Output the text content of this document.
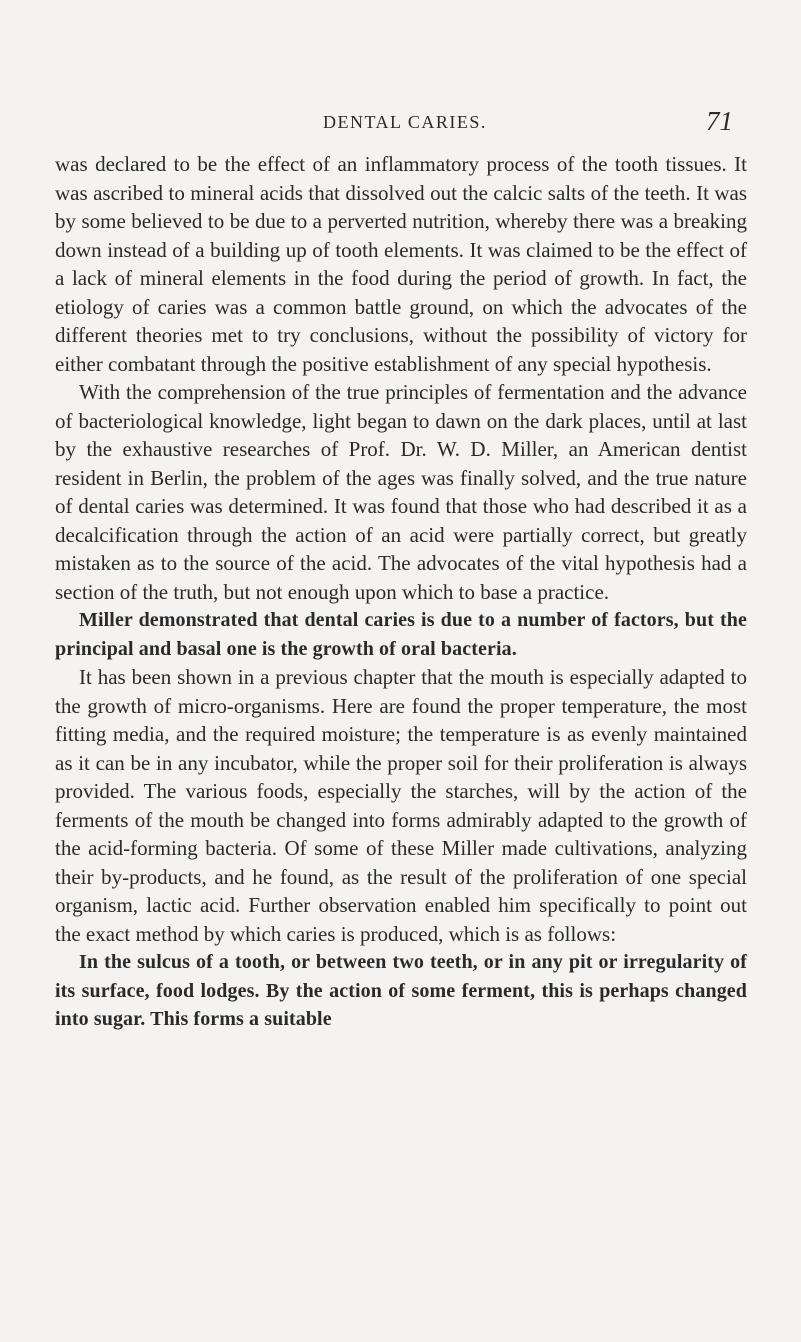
DENTAL CARIES.	71

was declared to be the effect of an inflammatory process of the tooth tissues. It was ascribed to mineral acids that dissolved out the calcic salts of the teeth. It was by some believed to be due to a perverted nutrition, whereby there was a breaking down instead of a building up of tooth elements. It was claimed to be the effect of a lack of mineral elements in the food during the period of growth. In fact, the etiology of caries was a common battle ground, on which the advocates of the different theories met to try conclusions, without the possibility of victory for either combatant through the positive establishment of any special hypothesis.

With the comprehension of the true principles of fermentation and the advance of bacteriological knowledge, light began to dawn on the dark places, until at last by the exhaustive researches of Prof. Dr. W. D. Miller, an American dentist resident in Berlin, the problem of the ages was finally solved, and the true nature of dental caries was determined. It was found that those who had described it as a decalcification through the action of an acid were partially correct, but greatly mistaken as to the source of the acid. The advocates of the vital hypothesis had a section of the truth, but not enough upon which to base a practice.

Miller demonstrated that dental caries is due to a number of factors, but the principal and basal one is the growth of oral bacteria.

It has been shown in a previous chapter that the mouth is especially adapted to the growth of micro-organisms. Here are found the proper temperature, the most fitting media, and the required moisture; the temperature is as evenly maintained as it can be in any incubator, while the proper soil for their proliferation is always provided. The various foods, especially the starches, will by the action of the ferments of the mouth be changed into forms admirably adapted to the growth of the acid-forming bacteria. Of some of these Miller made cultivations, analyzing their by-products, and he found, as the result of the proliferation of one special organism, lactic acid. Further observation enabled him specifically to point out the exact method by which caries is produced, which is as follows:

In the sulcus of a tooth, or between two teeth, or in any pit or irregularity of its surface, food lodges. By the action of some ferment, this is perhaps changed into sugar. This forms a suitable
